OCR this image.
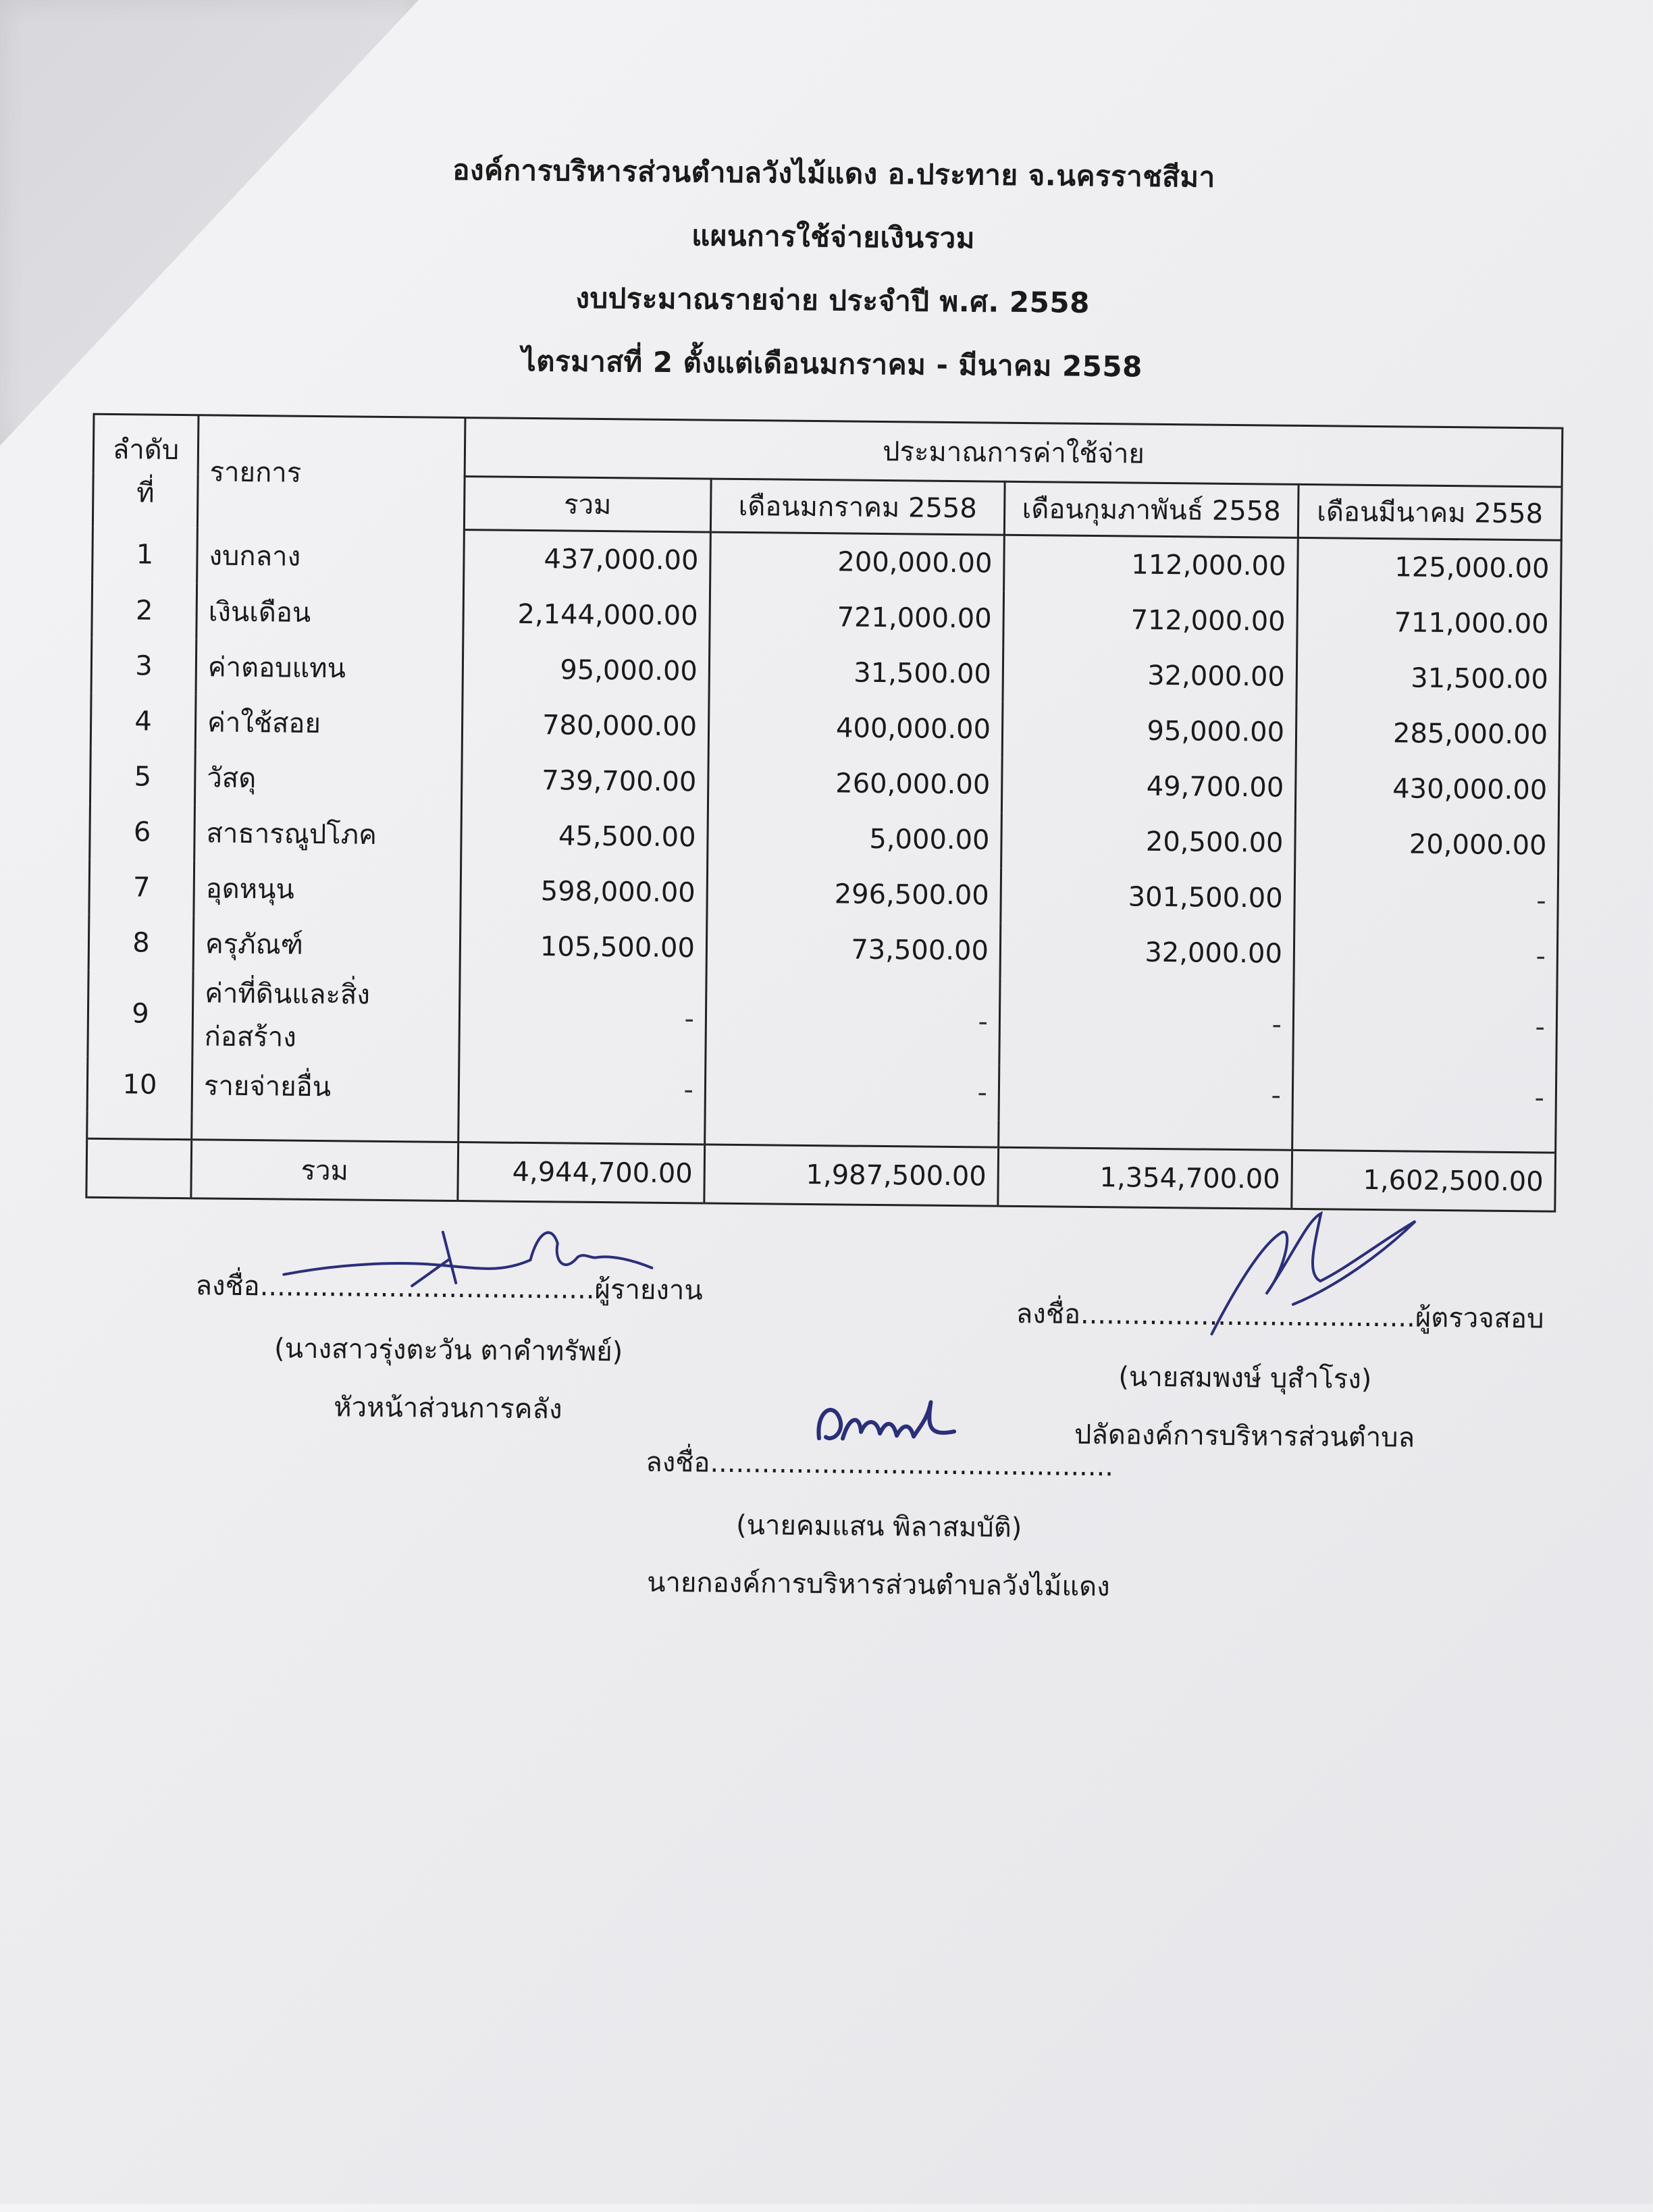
องค์การบริหารส่วนตำบลวังไม้แดง อ.ประทาย จ.นครราชสีมา
แผนการใช้จ่ายเงินรวม
งบประมาณรายจ่าย ประจำปี พ.ศ. 2558
ไตรมาสที่ 2 ตั้งแต่เดือนมกราคม - มีนาคม 2558
ลำดับที่	รายการ	ประมาณการค่าใช้จ่าย			
		รวม	เดือนมกราคม 2558	เดือนกุมภาพันธ์ 2558	เดือนมีนาคม 2558
1	งบกลาง	437,000.00	200,000.00	112,000.00	125,000.00
2	เงินเดือน	2,144,000.00	721,000.00	712,000.00	711,000.00
3	ค่าตอบแทน	95,000.00	31,500.00	32,000.00	31,500.00
4	ค่าใช้สอย	780,000.00	400,000.00	95,000.00	285,000.00
5	วัสดุ	739,700.00	260,000.00	49,700.00	430,000.00
6	สาธารณูปโภค	45,500.00	5,000.00	20,500.00	20,000.00
7	อุดหนุน	598,000.00	296,500.00	301,500.00	-
8	ครุภัณฑ์	105,500.00	73,500.00	32,000.00	-
9	ค่าที่ดินและสิ่งก่อสร้าง	-	-	-	-
10	รายจ่ายอื่น	-	-	-	-

	รวม	4,944,700.00	1,987,500.00	1,354,700.00	1,602,500.00
ลงชื่อ.......................................ผู้รายงาน
(นางสาวรุ่งตะวัน ตาคำทรัพย์)
หัวหน้าส่วนการคลัง
ลงชื่อ.......................................ผู้ตรวจสอบ
(นายสมพงษ์ บุสำโรง)
ปลัดองค์การบริหารส่วนตำบล
ลงชื่อ...............................................
(นายคมแสน พิลาสมบัติ)
นายกองค์การบริหารส่วนตำบลวังไม้แดง
